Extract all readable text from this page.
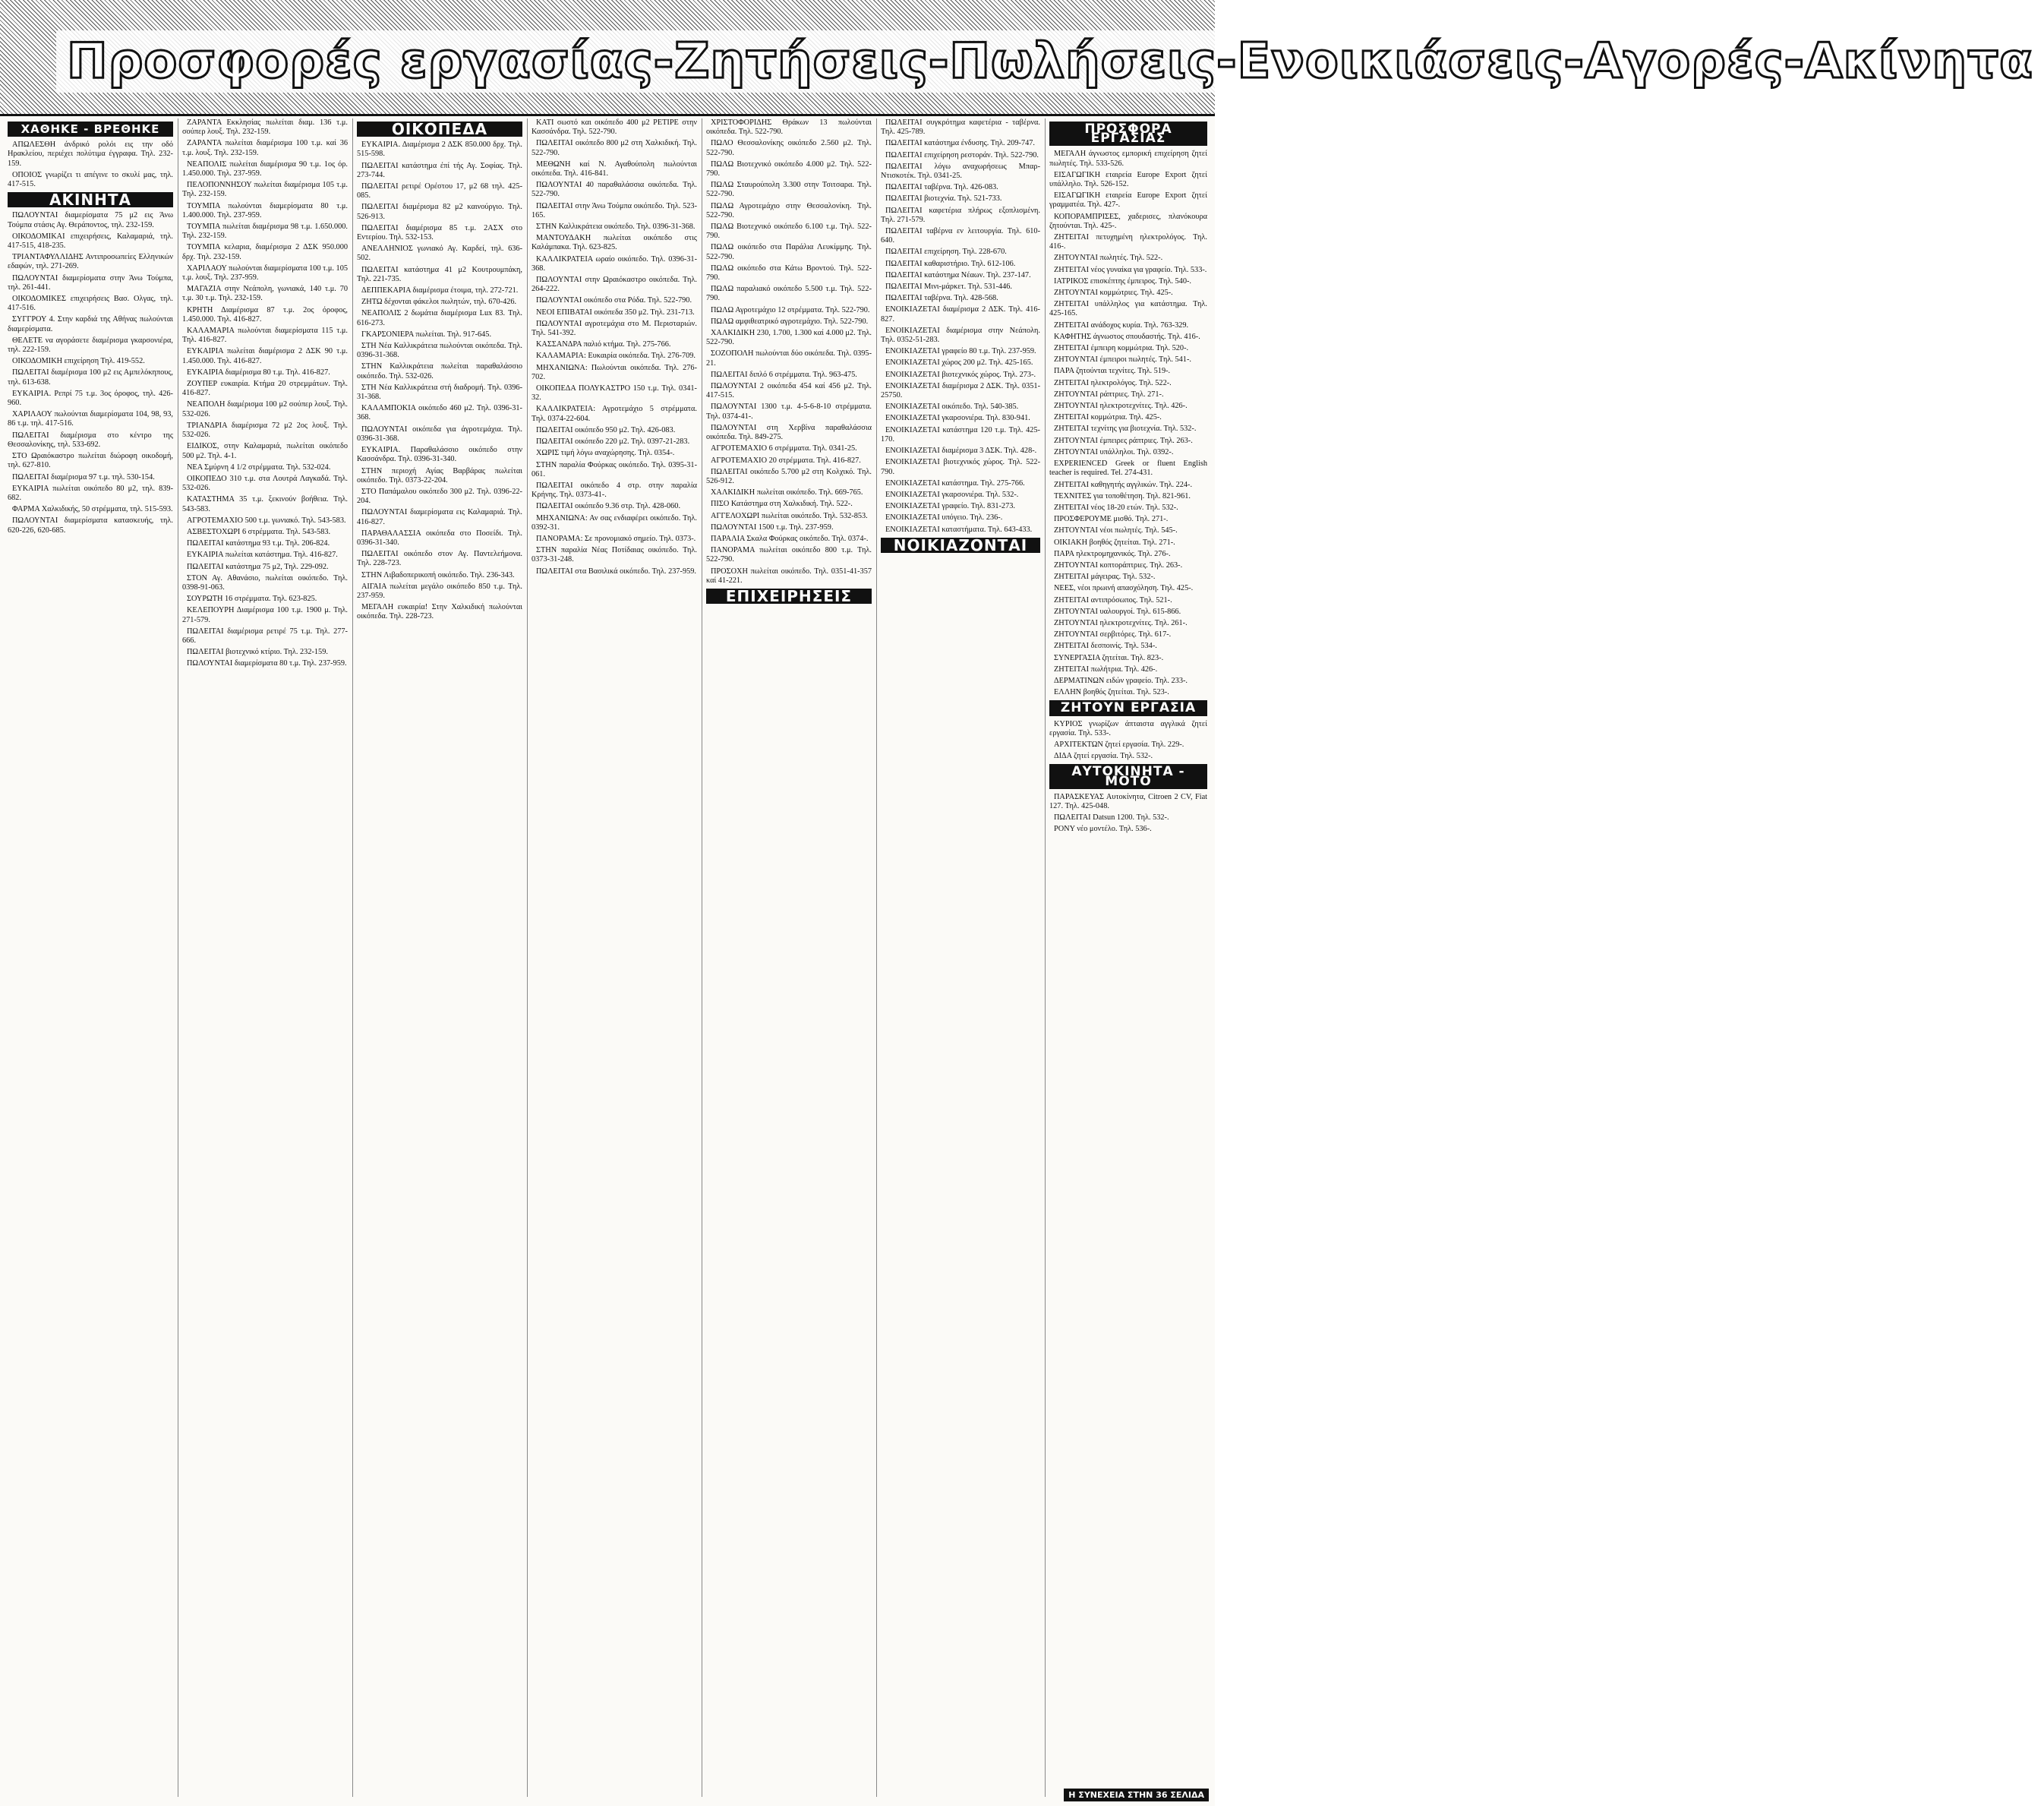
Προσφορές εργασίας-Ζητήσεις-Πωλήσεις-Ενοικιάσεις-Αγορές-Ακίνητα
ΧΑΘΗΚΕ - ΒΡΕΘΗΚΕ

ΑΠΩΛΕΣΘΗ άνδρικό ρολόι εις την οδό Ηρακλείου, περιέχει πολύτιμα έγγραφα. Τηλ. 232-159.

ΟΠΟΙΟΣ γνωρίζει τι απέγινε το σκυλί μας, τηλ. 417-515.

ΑΚΙΝΗΤΑ

ΠΩΛΟΥΝΤΑΙ διαμερίσματα 75 μ2 εις Άνω Τούμπα στάσις Αγ. Θεράποντος, τηλ. 232-159.

ΟΙΚΟΔΟΜΙΚΑΙ επιχειρήσεις, Καλαμαριά, τηλ. 417-515, 418-235.

ΤΡΙΑΝΤΑΦΥΛΛΙΔΗΣ Αντιπροσωπείες Ελληνικών εδαφών, τηλ. 271-269.

ΠΩΛΟΥΝΤΑΙ διαμερίσματα στην Άνω Τούμπα, τηλ. 261-441.

ΟΙΚΟΔΟΜΙΚΕΣ επιχειρήσεις Βασ. Ολγας, τηλ. 417-516.

ΣΥΓΓΡΟΥ 4. Στην καρδιά της Αθήνας πωλούνται διαμερίσματα.

ΘΕΛΕΤΕ να αγοράσετε διαμέρισμα γκαρσονιέρα, τηλ. 222-159.

ΟΙΚΟΔΟΜΙΚΗ επιχείρηση Τηλ. 419-552.

ΠΩΛΕΙΤΑΙ διαμέρισμα 100 μ2 εις Αμπελόκηπους, τηλ. 613-638.

ΕΥΚΑΙΡΙΑ. Ρεπρί 75 τ.μ. 3ος όροφος, τηλ. 426-960.

ΧΑΡΙΛΑΟΥ πωλούνται διαμερίσματα 104, 98, 93, 86 τ.μ. τηλ. 417-516.

ΠΩΛΕΙΤΑΙ διαμέρισμα στο κέντρο της Θεσσαλονίκης, τηλ. 533-692.

ΣΤΟ Ωραιόκαστρο πωλείται διώροφη οικοδομή, τηλ. 627-810.

ΠΩΛΕΙΤΑΙ διαμέρισμα 97 τ.μ. τηλ. 530-154.

ΕΥΚΑΙΡΙΑ πωλείται οικόπεδο 80 μ2, τηλ. 839-682.

ΦΑΡΜΑ Χαλκιδικής, 50 στρέμματα, τηλ. 515-593.

ΠΩΛΟΥΝΤΑΙ διαμερίσματα κατασκευής, τηλ. 620-226, 620-685.

ΖΑΡΑΝΤΑ Εκκλησίας πωλείται διαμ. 136 τ.μ. σούπερ λουξ. Τηλ. 232-159.

ΖΑΡΑΝΤΑ πωλείται διαμέρισμα 100 τ.μ. καί 36 τ.μ. λουξ. Τηλ. 232-159.

ΝΕΑΠΟΛΙΣ πωλείται διαμέρισμα 90 τ.μ. 1ος όρ. 1.450.000. Τηλ. 237-959.

ΠΕΛΟΠΟΝΝΗΣΟΥ πωλείται διαμέρισμα 105 τ.μ. Τηλ. 232-159.

ΤΟΥΜΠΑ πωλούνται διαμερίσματα 80 τ.μ. 1.400.000. Τηλ. 237-959.

ΤΟΥΜΠΑ πωλείται διαμέρισμα 98 τ.μ. 1.650.000. Τηλ. 232-159.

ΤΟΥΜΠΑ κελαρια, διαμέρισμα 2 ΔΣΚ 950.000 δρχ. Τηλ. 232-159.

ΧΑΡΙΛΑΟΥ πωλούνται διαμερίσματα 100 τ.μ. 105 τ.μ. λουξ. Τηλ. 237-959.

ΜΑΓΑΖΙΑ στην Νεάπολη, γωνιακά, 140 τ.μ. 70 τ.μ. 30 τ.μ. Τηλ. 232-159.

ΚΡΗΤΗ Διαμέρισμα 87 τ.μ. 2ος όροφος, 1.450.000. Τηλ. 416-827.

ΚΑΛΑΜΑΡΙΑ πωλούνται διαμερίσματα 115 τ.μ. Τηλ. 416-827.

ΕΥΚΑΙΡΙΑ πωλείται διαμέρισμα 2 ΔΣΚ 90 τ.μ. 1.450.000. Τηλ. 416-827.

ΕΥΚΑΙΡΙΑ διαμέρισμα 80 τ.μ. Τηλ. 416-827.

ΖΟΥΠΕΡ ευκαιρία. Κτήμα 20 στρεμμάτων. Τηλ. 416-827.

ΝΕΑΠΟΛΗ διαμέρισμα 100 μ2 σούπερ λουξ. Τηλ. 532-026.

ΤΡΙΑΝΔΡΙΑ διαμέρισμα 72 μ2 2ος λουξ. Τηλ. 532-026.

ΕΙΔΙΚΟΣ, στην Καλαμαριά, πωλείται οικόπεδο 500 μ2. Τηλ. 4-1.

ΝΕΑ Σμύρνη 4 1/2 στρέμματα. Τηλ. 532-024.

ΟΙΚΟΠΕΔΟ 310 τ.μ. στα Λουτρά Λαγκαδά. Τηλ. 532-026.

ΚΑΤΑΣΤΗΜΑ 35 τ.μ. ξεκινούν βοήθεια. Τηλ. 543-583.

ΑΓΡΟΤΕΜΑΧΙΟ 500 τ.μ. γωνιακό. Τηλ. 543-583.

ΑΣΒΕΣΤΟΧΩΡΙ 6 στρέμματα. Τηλ. 543-583.

ΠΩΛΕΙΤΑΙ κατάστημα 93 τ.μ. Τηλ. 206-824.

ΕΥΚΑΙΡΙΑ πωλείται κατάστημα. Τηλ. 416-827.

ΠΩΛΕΙΤΑΙ κατάστημα 75 μ2, Τηλ. 229-092.

ΣΤΟΝ Αγ. Αθανάσιο, πωλείται οικόπεδο. Τηλ. 0398-91-063.

ΣΟΥΡΩΤΗ 16 στρέμματα. Τηλ. 623-825.

ΚΕΛΕΠΟΥΡΗ Διαμέρισμα 100 τ.μ. 1900 μ. Τηλ. 271-579.

ΠΩΛΕΙΤΑΙ διαμέρισμα ρετιρέ 75 τ.μ. Τηλ. 277-666.

ΠΩΛΕΙΤΑΙ βιοτεχνικό κτίριο. Τηλ. 232-159.

ΠΩΛΟΥΝΤΑΙ διαμερίσματα 80 τ.μ. Τηλ. 237-959.

ΟΙΚΟΠΕΔΑ

ΕΥΚΑΙΡΙΑ. Διαμέρισμα 2 ΔΣΚ 850.000 δρχ. Τηλ. 515-598.

ΠΩΛΕΙΤΑΙ κατάστημα έπί τής Αγ. Σοφίας. Τηλ. 273-744.

ΠΩΛΕΙΤΑΙ ρετιρέ Ορέστου 17, μ2 68 τηλ. 425-085.

ΠΩΛΕΙΤΑΙ διαμέρισμα 82 μ2 καινούργιο. Τηλ. 526-913.

ΠΩΛΕΙΤΑΙ διαμέρισμα 85 τ.μ. 2ΑΣΧ στο Εντερίου. Τηλ. 532-153.

ΑΝΕΛΛΗΝΙΟΣ γωνιακό Αγ. Καρδεί, τηλ. 636-502.

ΠΩΛΕΙΤΑΙ κατάστημα 41 μ2 Κουτρουμπάκη, Τηλ. 221-735.

ΔΕΠΠΕΚΑΡΙΑ διαμέρισμα έτοιμα, τηλ. 272-721.

ΖΗΤΩ δέχονται φάκελοι πωλητών, τηλ. 670-426.

ΝΕΑΠΟΛΙΣ 2 δωμάτια διαμέρισμα Lux 83. Τηλ. 616-273.

ΓΚΑΡΣΟΝΙΕΡΑ πωλείται. Τηλ. 917-645.

ΣΤΗ Νέα Καλλικράτεια πωλούνται οικόπεδα. Τηλ. 0396-31-368.

ΣΤΗΝ Καλλικράτεια πωλείται παραθαλάσσιο οικόπεδο. Τηλ. 532-026.

ΣΤΗ Νέα Καλλικράτεια στή διαδρομή. Τηλ. 0396-31-368.

ΚΑΛΑΜΠΟΚΙΑ οικόπεδο 460 μ2. Τηλ. 0396-31-368.

ΠΩΛΟΥΝΤΑΙ οικόπεδα για άγροτεμάχια. Τηλ. 0396-31-368.

ΕΥΚΑΙΡΙΑ. Παραθαλάσσιο οικόπεδο στην Κασσάνδρα. Τηλ. 0396-31-340.

ΣΤΗΝ περιοχή Αγίας Βαρβάρας πωλείται οικόπεδο. Τηλ. 0373-22-204.

ΣΤΟ Παπάμαλου οικόπεδο 300 μ2. Τηλ. 0396-22-204.

ΠΩΛΟΥΝΤΑΙ διαμερίσματα εις Καλαμαριά. Τηλ. 416-827.

ΠΑΡΑΘΑΛΑΣΣΙΑ οικόπεδα στο Ποσείδι. Τηλ. 0396-31-340.

ΠΩΛΕΙΤΑΙ οικόπεδο στον Αγ. Παντελεήμονα. Τηλ. 228-723.

ΣΤΗΝ Λιβαδοπερικοπή οικόπεδο. Τηλ. 236-343.

ΑΙΓΑΙΑ πωλείται μεγάλο οικόπεδο 850 τ.μ. Τηλ. 237-959.

ΜΕΓΑΛΗ ευκαιρία! Στην Χαλκιδική πωλούνται οικόπεδα. Τηλ. 228-723.

ΚΑΤΙ σωστό και οικόπεδο 400 μ2 ΡΕΤΙΡΕ στην Κασσάνδρα. Τηλ. 522-790.

ΠΩΛΕΙΤΑΙ οικόπεδο 800 μ2 στη Χαλκιδική. Τηλ. 522-790.

ΜΕΘΩΝΗ καί Ν. Αγαθούπολη πωλούνται οικόπεδα. Τηλ. 416-841.

ΠΩΛΟΥΝΤΑΙ 40 παραθαλάσσια οικόπεδα. Τηλ. 522-790.

ΠΩΛΕΙΤΑΙ στην Άνω Τούμπα οικόπεδο. Τηλ. 523-165.

ΣΤΗΝ Καλλικράτεια οικόπεδο. Τηλ. 0396-31-368.

ΜΑΝΤΟΥΔΑΚΗ πωλείται οικόπεδο στις Καλάμπακα. Τηλ. 623-825.

ΚΑΛΛΙΚΡΑΤΕΙΑ ωραίο οικόπεδο. Τηλ. 0396-31-368.

ΠΩΛΟΥΝΤΑΙ στην Ωραιόκαστρο οικόπεδα. Τηλ. 264-222.

ΠΩΛΟΥΝΤΑΙ οικόπεδο στα Ρόδα. Τηλ. 522-790.

ΝΕΟΙ ΕΠΙΒΑΤΑΙ οικόπεδα 350 μ2. Τηλ. 231-713.

ΠΩΛΟΥΝΤΑΙ αγροτεμάχια στο Μ. Περισταριών. Τηλ. 541-392.

ΚΑΣΣΑΝΔΡΑ παλιό κτήμα. Τηλ. 275-766.

ΚΑΛΑΜΑΡΙΑ: Ευκαιρία οικόπεδα. Τηλ. 276-709.

ΜΗΧΑΝΙΩΝΑ: Πωλούνται οικόπεδα. Τηλ. 276-702.

ΟΙΚΟΠΕΔΑ ΠΟΛΥΚΑΣΤΡΟ 150 τ.μ. Τηλ. 0341-32.

ΚΑΛΛΙΚΡΑΤΕΙΑ: Αγροτεμάχιο 5 στρέμματα. Τηλ. 0374-22-604.

ΠΩΛΕΙΤΑΙ οικόπεδο 950 μ2. Τηλ. 426-083.

ΠΩΛΕΙΤΑΙ οικόπεδο 220 μ2. Τηλ. 0397-21-283.

ΧΩΡΙΣ τιμή λόγω αναχώρησης. Τηλ. 0354-.

ΣΤΗΝ παραλία Φούρκας οικόπεδο. Τηλ. 0395-31-061.

ΠΩΛΕΙΤΑΙ οικόπεδο 4 στρ. στην παραλία Κρήνης. Τηλ. 0373-41-.

ΠΩΛΕΙΤΑΙ οικόπεδο 9.36 στρ. Τηλ. 428-060.

ΜΗΧΑΝΙΩΝΑ: Αν σας ενδιαφέρει οικόπεδο. Τηλ. 0392-31.

ΠΑΝΟΡΑΜΑ: Σε προνομιακό σημείο. Τηλ. 0373-.

ΣΤΗΝ παραλία Νέας Ποτίδαιας οικόπεδο. Τηλ. 0373-31-248.

ΠΩΛΕΙΤΑΙ στα Βασιλικά οικόπεδο. Τηλ. 237-959.

ΧΡΙΣΤΟΦΟΡΙΔΗΣ Θράκων 13 πωλούνται οικόπεδα. Τηλ. 522-790.

ΠΩΛΟ Θεσσαλονίκης οικόπεδο 2.560 μ2. Τηλ. 522-790.

ΠΩΛΩ Βιοτεχνικό οικόπεδο 4.000 μ2. Τηλ. 522-790.

ΠΩΛΩ Σταυρούπολη 3.300 στην Τσιτσαρα. Τηλ. 522-790.

ΠΩΛΩ Αγροτεμάχιο στην Θεσσαλονίκη. Τηλ. 522-790.

ΠΩΛΩ Βιοτεχνικό οικόπεδο 6.100 τ.μ. Τηλ. 522-790.

ΠΩΛΩ οικόπεδο στα Παράλια Λευκίμμης. Τηλ. 522-790.

ΠΩΛΩ οικόπεδο στα Κάτω Βροντού. Τηλ. 522-790.

ΠΩΛΩ παραλιακό οικόπεδο 5.500 τ.μ. Τηλ. 522-790.

ΠΩΛΩ Αγροτεμάχιο 12 στρέμματα. Τηλ. 522-790.

ΠΩΛΩ αμφιθεατρικό αγροτεμάχιο. Τηλ. 522-790.

ΧΑΛΚΙΔΙΚΗ 230, 1.700, 1.300 καί 4.000 μ2. Τηλ. 522-790.

ΣΟΖΟΠΟΛΗ πωλούνται δύο οικόπεδα. Τηλ. 0395-21.

ΠΩΛΕΙΤΑΙ διπλό 6 στρέμματα. Τηλ. 963-475.

ΠΩΛΟΥΝΤΑΙ 2 οικόπεδα 454 καί 456 μ2. Τηλ. 417-515.

ΠΩΛΟΥΝΤΑΙ 1300 τ.μ. 4-5-6-8-10 στρέμματα. Τηλ. 0374-41-.

ΠΩΛΟΥΝΤΑΙ στη Χερβίνα παραθαλάσσια οικόπεδα. Τηλ. 849-275.

ΑΓΡΟΤΕΜΑΧΙΟ 6 στρέμματα. Τηλ. 0341-25.

ΑΓΡΟΤΕΜΑΧΙΟ 20 στρέμματα. Τηλ. 416-827.

ΠΩΛΕΙΤΑΙ οικόπεδο 5.700 μ2 στη Κολχικό. Τηλ. 526-912.

ΧΑΛΚΙΔΙΚΗ πωλείται οικόπεδο. Τηλ. 669-765.

ΠΙΣΟ Κατάστημα στη Χαλκιδική. Τηλ. 522-.

ΑΓΓΕΛΟΧΩΡΙ πωλείται οικόπεδο. Τηλ. 532-853.

ΠΩΛΟΥΝΤΑΙ 1500 τ.μ. Τηλ. 237-959.

ΠΑΡΑΛΙΑ Σκαλα Φούρκας οικόπεδο. Τηλ. 0374-.

ΠΑΝΟΡΑΜΑ πωλείται οικόπεδο 800 τ.μ. Τηλ. 522-790.

ΠΡΟΣΟΧΗ πωλείται οικόπεδο. Τηλ. 0351-41-357 καί 41-221.

ΕΠΙΧΕΙΡΗΣΕΙΣ

ΠΩΛΕΙΤΑΙ συγκρότημα καφετέρια - ταβέρνα. Τηλ. 425-789.

ΠΩΛΕΙΤΑΙ κατάστημα ένδυσης. Τηλ. 209-747.

ΠΩΛΕΙΤΑΙ επιχείρηση ρεστοράν. Τηλ. 522-790.

ΠΩΛΕΙΤΑΙ λόγω αναχωρήσεως Μπαρ-Ντισκοτέκ. Τηλ. 0341-25.

ΠΩΛΕΙΤΑΙ ταβέρνα. Τηλ. 426-083.

ΠΩΛΕΙΤΑΙ βιοτεχνία. Τηλ. 521-733.

ΠΩΛΕΙΤΑΙ καφετέρια πλήρως εξοπλισμένη. Τηλ. 271-579.

ΠΩΛΕΙΤΑΙ ταβέρνα εν λειτουργία. Τηλ. 610-640.

ΠΩΛΕΙΤΑΙ επιχείρηση. Τηλ. 228-670.

ΠΩΛΕΙΤΑΙ καθαριστήριο. Τηλ. 612-106.

ΠΩΛΕΙΤΑΙ κατάστημα Νέαων. Τηλ. 237-147.

ΠΩΛΕΙΤΑΙ Μινι-μάρκετ. Τηλ. 531-446.

ΠΩΛΕΙΤΑΙ ταβέρνα. Τηλ. 428-568.

ΕΝΟΙΚΙΑΖΕΤΑΙ διαμέρισμα 2 ΔΣΚ. Τηλ. 416-827.

ΕΝΟΙΚΙΑΖΕΤΑΙ διαμέρισμα στην Νεάπολη. Τηλ. 0352-51-283.

ΕΝΟΙΚΙΑΖΕΤΑΙ γραφείο 80 τ.μ. Τηλ. 237-959.

ΕΝΟΙΚΙΑΖΕΤΑΙ χώρος 200 μ2. Τηλ. 425-165.

ΕΝΟΙΚΙΑΖΕΤΑΙ βιοτεχνικός χώρος. Τηλ. 273-.

ΕΝΟΙΚΙΑΖΕΤΑΙ διαμέρισμα 2 ΔΣΚ. Τηλ. 0351-25750.

ΕΝΟΙΚΙΑΖΕΤΑΙ οικόπεδο. Τηλ. 540-385.

ΕΝΟΙΚΙΑΖΕΤΑΙ γκαρσονιέρα. Τηλ. 830-941.

ΕΝΟΙΚΙΑΖΕΤΑΙ κατάστημα 120 τ.μ. Τηλ. 425-170.

ΕΝΟΙΚΙΑΖΕΤΑΙ διαμέρισμα 3 ΔΣΚ. Τηλ. 428-.

ΕΝΟΙΚΙΑΖΕΤΑΙ βιοτεχνικός χώρος. Τηλ. 522-790.

ΕΝΟΙΚΙΑΖΕΤΑΙ κατάστημα. Τηλ. 275-766.

ΕΝΟΙΚΙΑΖΕΤΑΙ γκαρσονιέρα. Τηλ. 532-.

ΕΝΟΙΚΙΑΖΕΤΑΙ γραφείο. Τηλ. 831-273.

ΕΝΟΙΚΙΑΖΕΤΑΙ υπόγειο. Τηλ. 236-.

ΕΝΟΙΚΙΑΖΕΤΑΙ καταστήματα. Τηλ. 643-433.

ΝΟΙΚΙΑΖΟΝΤΑΙ
ΠΡΟΣΦΟΡΑ ΕΡΓΑΣΙΑΣ

ΜΕΓΑΛΗ άγνωστος εμπορική επιχείρηση ζητεί πωλητές. Τηλ. 533-526.

ΕΙΣΑΓΩΓΙΚΗ εταιρεία Europe Export ζητεί υπάλληλο. Τηλ. 526-152.

ΕΙΣΑΓΩΓΙΚΗ εταιρεία Europe Export ζητεί γραμματέα. Τηλ. 427-.

ΚΟΠΟΡΑΜΠΡΙΣΕΣ, χαδερισες, πλανόκουρα ζητούνται. Τηλ. 425-.

ΖΗΤΕΙΤΑΙ πετυχημένη ηλεκτρολόγος. Τηλ. 416-.

ΖΗΤΟΥΝΤΑΙ πωλητές. Τηλ. 522-.

ΖΗΤΕΙΤΑΙ νέος γυναίκα για γραφείο. Τηλ. 533-.

ΙΑΤΡΙΚΟΣ επισκέπτης έμπειρος. Τηλ. 540-.

ΖΗΤΟΥΝΤΑΙ κομμώτριες. Τηλ. 425-.

ΖΗΤΕΙΤΑΙ υπάλληλος για κατάστημα. Τηλ. 425-165.

ΖΗΤΕΙΤΑΙ ανάδοχος κυρία. Τηλ. 763-329.

ΚΑΦΗΤΗΣ άγνωστος σπουδαστής. Τηλ. 416-.

ΖΗΤΕΙΤΑΙ έμπειρη κομμώτρια. Τηλ. 520-.

ΖΗΤΟΥΝΤΑΙ έμπειροι πωλητές. Τηλ. 541-.

ΠΑΡΑ ζητούνται τεχνίτες. Τηλ. 519-.

ΖΗΤΕΙΤΑΙ ηλεκτρολόγος. Τηλ. 522-.

ΖΗΤΟΥΝΤΑΙ ράπτριες. Τηλ. 271-.

ΖΗΤΟΥΝΤΑΙ ηλεκτροτεχνίτες. Τηλ. 426-.

ΖΗΤΕΙΤΑΙ κομμώτρια. Τηλ. 425-.

ΖΗΤΕΙΤΑΙ τεχνίτης για βιοτεχνία. Τηλ. 532-.

ΖΗΤΟΥΝΤΑΙ έμπειρες ράπτριες. Τηλ. 263-.

ΖΗΤΟΥΝΤΑΙ υπάλληλοι. Τηλ. 0392-.

EXPERIENCED Greek or fluent English teacher is required. Tel. 274-431.

ΖΗΤΕΙΤΑΙ καθηγητής αγγλικών. Τηλ. 224-.

ΤΕΧΝΙΤΕΣ για τοποθέτηση. Τηλ. 821-961.

ΖΗΤΕΙΤΑΙ νέος 18-20 ετών. Τηλ. 532-.

ΠΡΟΣΦΕΡΟΥΜΕ μισθό. Τηλ. 271-.

ΖΗΤΟΥΝΤΑΙ νέοι πωλητές. Τηλ. 545-.

ΟΙΚΙΑΚΗ βοηθός ζητείται. Τηλ. 271-.

ΠΑΡΑ ηλεκτρομηχανικός. Τηλ. 276-.

ΖΗΤΟΥΝΤΑΙ κοπτοράπτριες. Τηλ. 263-.

ΖΗΤΕΙΤΑΙ μάγειρας. Τηλ. 532-.

ΝΕΕΣ, νέοι πρωινή απασχόληση. Τηλ. 425-.

ΖΗΤΕΙΤΑΙ αντιπρόσωπος. Τηλ. 521-.

ΖΗΤΟΥΝΤΑΙ υαλουργοί. Τηλ. 615-866.

ΖΗΤΟΥΝΤΑΙ ηλεκτροτεχνίτες. Τηλ. 261-.

ΖΗΤΟΥΝΤΑΙ σερβιτόρες. Τηλ. 617-.

ΖΗΤΕΙΤΑΙ δεσποινίς. Τηλ. 534-.

ΣΥΝΕΡΓΑΣΙΑ ζητείται. Τηλ. 823-.

ΖΗΤΕΙΤΑΙ πωλήτρια. Τηλ. 426-.

ΔΕΡΜΑΤΙΝΩΝ ειδών γραφείο. Τηλ. 233-.

ΕΛΛΗΝ βοηθός ζητείται. Τηλ. 523-.

ΖΗΤΟΥΝ ΕΡΓΑΣΙΑ

ΚΥΡΙΟΣ γνωρίζων άπταιστα αγγλικά ζητεί εργασία. Τηλ. 533-.

ΑΡΧΙΤΕΚΤΩΝ ζητεί εργασία. Τηλ. 229-.

ΔΙΔΑ ζητεί εργασία. Τηλ. 532-.

ΑΥΤΟΚΙΝΗΤΑ - ΜΟΤΟ

ΠΑΡΑΣΚΕΥΑΣ Αυτοκίνητα, Citroen 2 CV, Fiat 127. Τηλ. 425-048.

ΠΩΛΕΙΤΑΙ Datsun 1200. Τηλ. 532-.

PONY νέο μοντέλο. Τηλ. 536-.

Η ΣΥΝΕΧΕΙΑ ΣΤΗΝ 36 ΣΕΛΙΔΑ
